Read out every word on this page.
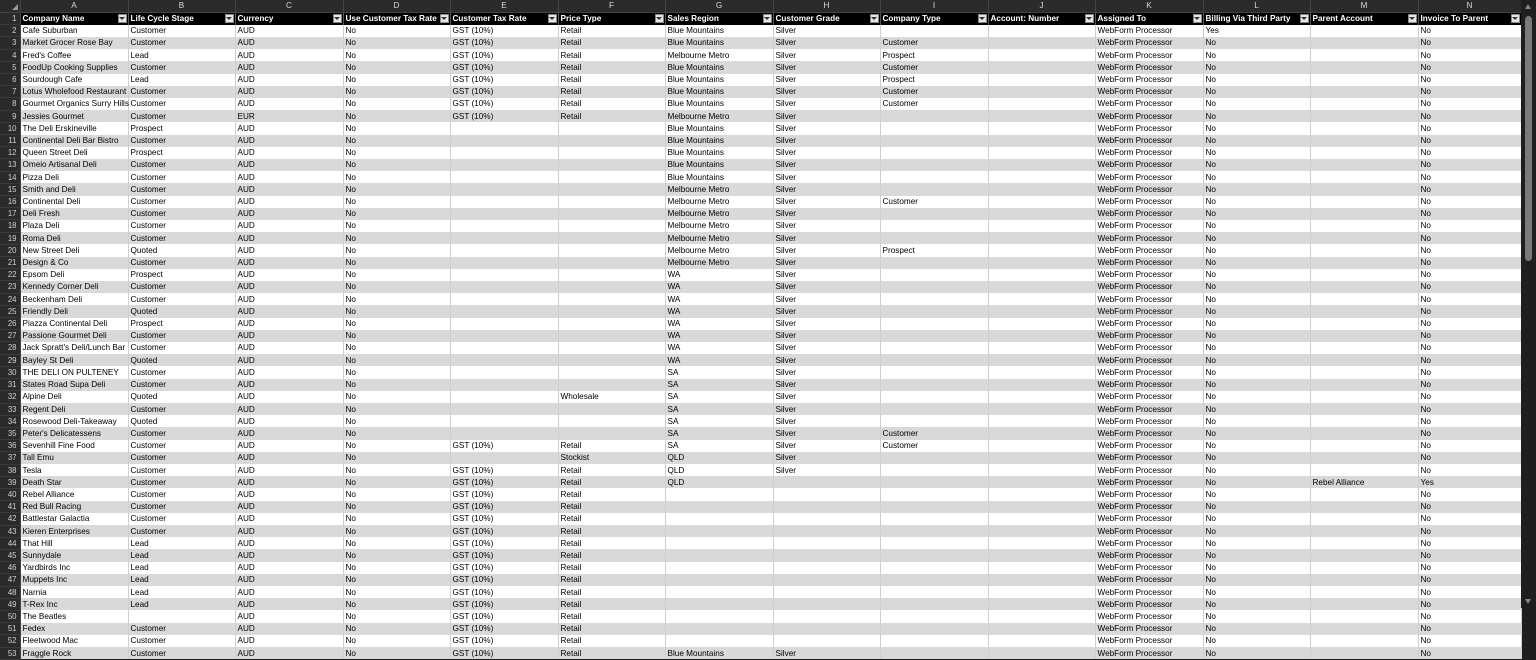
	A	B	C	D	E	F	G	H	I	J	K	L	M	N
1	Company Name	Life Cycle Stage	Currency	Use Customer Tax Rate	Customer Tax Rate	Price Type	Sales Region	Customer Grade	Company Type	Account: Number	Assigned To	Billing Via Third Party	Parent Account	Invoice To Parent

2	Cafe Suburban	Customer	AUD	No	GST (10%)	Retail	Blue Mountains	Silver			WebForm Processor	Yes		No
3	Market Grocer Rose Bay	Customer	AUD	No	GST (10%)	Retail	Blue Mountains	Silver	Customer		WebForm Processor	No		No
4	Fred's Coffee	Lead	AUD	No	GST (10%)	Retail	Melbourne Metro	Silver	Prospect		WebForm Processor	No		No
5	FoodUp Cooking Supplies	Customer	AUD	No	GST (10%)	Retail	Blue Mountains	Silver	Customer		WebForm Processor	No		No
6	Sourdough Cafe	Lead	AUD	No	GST (10%)	Retail	Blue Mountains	Silver	Prospect		WebForm Processor	No		No
7	Lotus Wholefood Restaurant	Customer	AUD	No	GST (10%)	Retail	Blue Mountains	Silver	Customer		WebForm Processor	No		No
8	Gourmet Organics Surry Hills	Customer	AUD	No	GST (10%)	Retail	Blue Mountains	Silver	Customer		WebForm Processor	No		No
9	Jessies Gourmet	Customer	EUR	No	GST (10%)	Retail	Melbourne Metro	Silver			WebForm Processor	No		No
10	The Deli Erskineville	Prospect	AUD	No			Blue Mountains	Silver			WebForm Processor	No		No
11	Continental Deli Bar Bistro	Customer	AUD	No			Blue Mountains	Silver			WebForm Processor	No		No
12	Queen Street Deli	Prospect	AUD	No			Blue Mountains	Silver			WebForm Processor	No		No
13	Omeio Artisanal Deli	Customer	AUD	No			Blue Mountains	Silver			WebForm Processor	No		No
14	Pizza Deli	Customer	AUD	No			Blue Mountains	Silver			WebForm Processor	No		No
15	Smith and Deli	Customer	AUD	No			Melbourne Metro	Silver			WebForm Processor	No		No
16	Continental Deli	Customer	AUD	No			Melbourne Metro	Silver	Customer		WebForm Processor	No		No
17	Deli Fresh	Customer	AUD	No			Melbourne Metro	Silver			WebForm Processor	No		No
18	Plaza Deli	Customer	AUD	No			Melbourne Metro	Silver			WebForm Processor	No		No
19	Roma Deli	Customer	AUD	No			Melbourne Metro	Silver			WebForm Processor	No		No
20	New Street Deli	Quoted	AUD	No			Melbourne Metro	Silver	Prospect		WebForm Processor	No		No
21	Design & Co	Customer	AUD	No			Melbourne Metro	Silver			WebForm Processor	No		No
22	Epsom Deli	Prospect	AUD	No			WA	Silver			WebForm Processor	No		No
23	Kennedy Corner Deli	Customer	AUD	No			WA	Silver			WebForm Processor	No		No
24	Beckenham Deli	Customer	AUD	No			WA	Silver			WebForm Processor	No		No
25	Friendly Deli	Quoted	AUD	No			WA	Silver			WebForm Processor	No		No
26	Piazza Continental Deli	Prospect	AUD	No			WA	Silver			WebForm Processor	No		No
27	Passione Gourmet Deli	Customer	AUD	No			WA	Silver			WebForm Processor	No		No
28	Jack Spratt's Deli/Lunch Bar	Customer	AUD	No			WA	Silver			WebForm Processor	No		No
29	Bayley St Deli	Quoted	AUD	No			WA	Silver			WebForm Processor	No		No
30	THE DELI ON PULTENEY	Customer	AUD	No			SA	Silver			WebForm Processor	No		No
31	States Road Supa Deli	Customer	AUD	No			SA	Silver			WebForm Processor	No		No
32	Alpine Deli	Quoted	AUD	No		Wholesale	SA	Silver			WebForm Processor	No		No
33	Regent Deli	Customer	AUD	No			SA	Silver			WebForm Processor	No		No
34	Rosewood Deli-Takeaway	Quoted	AUD	No			SA	Silver			WebForm Processor	No		No
35	Peter's Delicatessens	Customer	AUD	No			SA	Silver	Customer		WebForm Processor	No		No
36	Sevenhill Fine Food	Customer	AUD	No	GST (10%)	Retail	SA	Silver	Customer		WebForm Processor	No		No
37	Tall Emu	Customer	AUD	No		Stockist	QLD	Silver			WebForm Processor	No		No
38	Tesla	Customer	AUD	No	GST (10%)	Retail	QLD	Silver			WebForm Processor	No		No
39	Death Star	Customer	AUD	No	GST (10%)	Retail	QLD				WebForm Processor	No	Rebel Alliance	Yes
40	Rebel Alliance	Customer	AUD	No	GST (10%)	Retail					WebForm Processor	No		No
41	Red Bull Racing	Customer	AUD	No	GST (10%)	Retail					WebForm Processor	No		No
42	Battlestar Galactia	Customer	AUD	No	GST (10%)	Retail					WebForm Processor	No		No
43	Kieren Enterprises	Customer	AUD	No	GST (10%)	Retail					WebForm Processor	No		No
44	That Hill	Lead	AUD	No	GST (10%)	Retail					WebForm Processor	No		No
45	Sunnydale	Lead	AUD	No	GST (10%)	Retail					WebForm Processor	No		No
46	Yardbirds Inc	Lead	AUD	No	GST (10%)	Retail					WebForm Processor	No		No
47	Muppets Inc	Lead	AUD	No	GST (10%)	Retail					WebForm Processor	No		No
48	Narnia	Lead	AUD	No	GST (10%)	Retail					WebForm Processor	No		No
49	T-Rex Inc	Lead	AUD	No	GST (10%)	Retail					WebForm Processor	No		No
50	The Beatles		AUD	No	GST (10%)	Retail					WebForm Processor	No		No
51	Fedex	Customer	AUD	No	GST (10%)	Retail					WebForm Processor	No		No
52	Fleetwood Mac	Customer	AUD	No	GST (10%)	Retail					WebForm Processor	No		No
53	Fraggle Rock	Customer	AUD	No	GST (10%)	Retail	Blue Mountains	Silver			WebForm Processor	No		No
